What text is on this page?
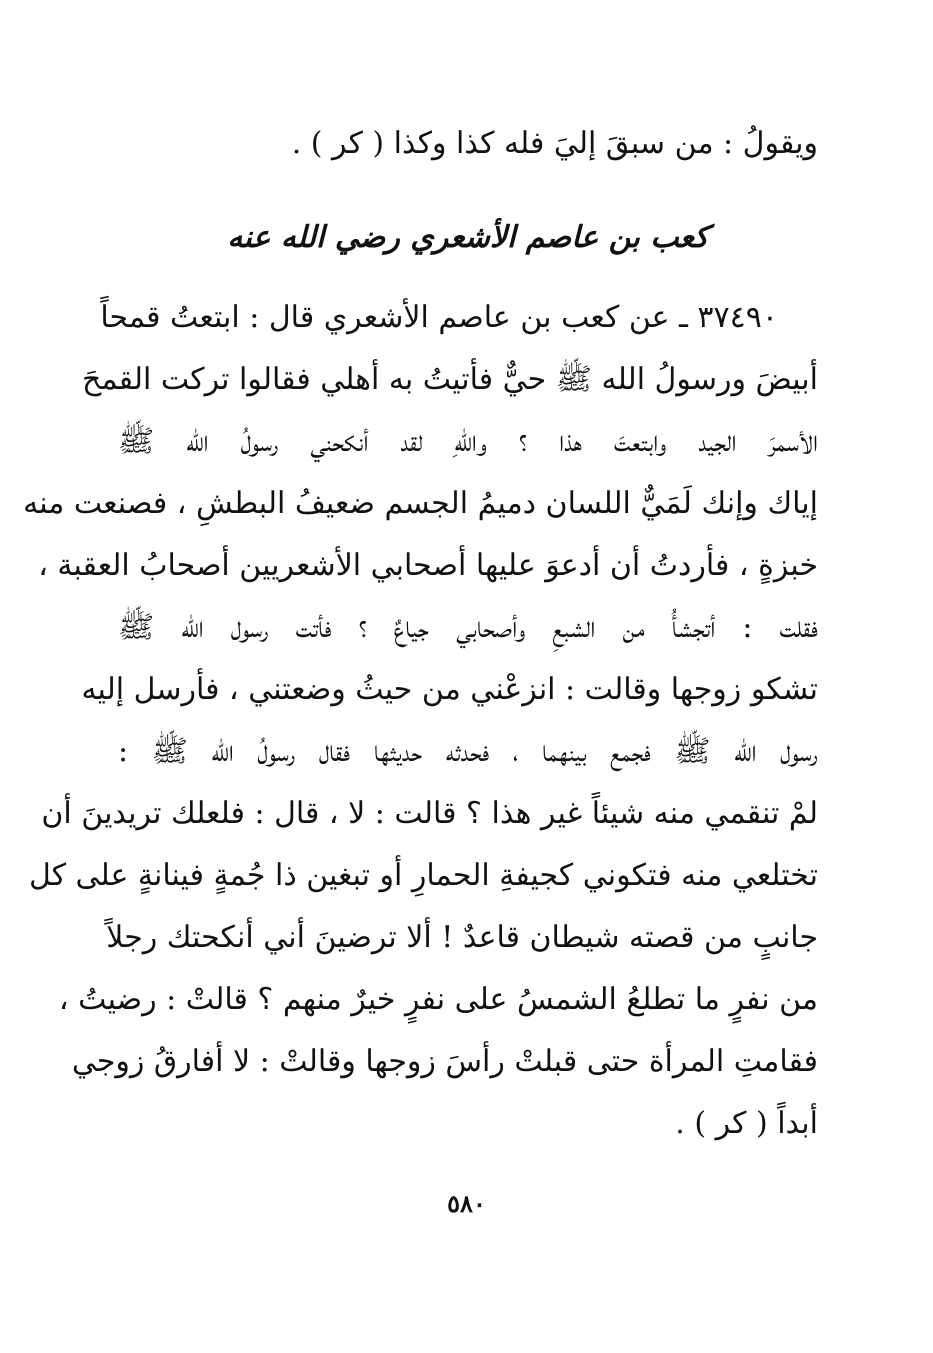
ويقولُ : من سبقَ إليَ فله كذا وكذا ( كر ) .
كعب بن عاصم الأشعري رضي الله عنه
٣٧٤٩٠ ـ عن كعب بن عاصم الأشعري قال : ابتعتُ قمحاً
أبيضَ ورسولُ الله ﷺ حيٌّ فأتيتُ به أهلي فقالوا تركت القمحَ
الأسمرَ الجيد وابتعتَ هذا ؟ واللهِ لقد أنكحني رسولُ الله ﷺ
إياك وإنك لَمَيٌّ اللسان دميمُ الجسم ضعيفُ البطشِ ، فصنعت منه
خبزةٍ ، فأردتُ أن أدعوَ عليها أصحابي الأشعريين أصحابُ العقبة ،
فقلت : أتجشأُ من الشبعِ وأصحابي جياعٌ ؟ فأتت رسول الله ﷺ
تشكو زوجها وقالت : انزعْني من حيثُ وضعتني ، فأرسل إليه
رسول الله ﷺ فجمع بينهما ، فحدثه حديثها فقال رسولُ الله ﷺ :
لمْ تنقمي منه شيئاً غير هذا ؟ قالت : لا ، قال : فلعلك تريدينَ أن
تختلعي منه فتكوني كجيفةِ الحمارِ أو تبغين ذا جُمةٍ فينانةٍ على كل
جانبٍ من قصته شيطان قاعدٌ ! ألا ترضينَ أني أنكحتك رجلاً
من نفرٍ ما تطلعُ الشمسُ على نفرٍ خيرٌ منهم ؟ قالتْ : رضيتُ ،
فقامتِ المرأة حتى قبلتْ رأسَ زوجها وقالتْ : لا أفارقُ زوجي
أبداً ( كر ) .
٥٨٠
